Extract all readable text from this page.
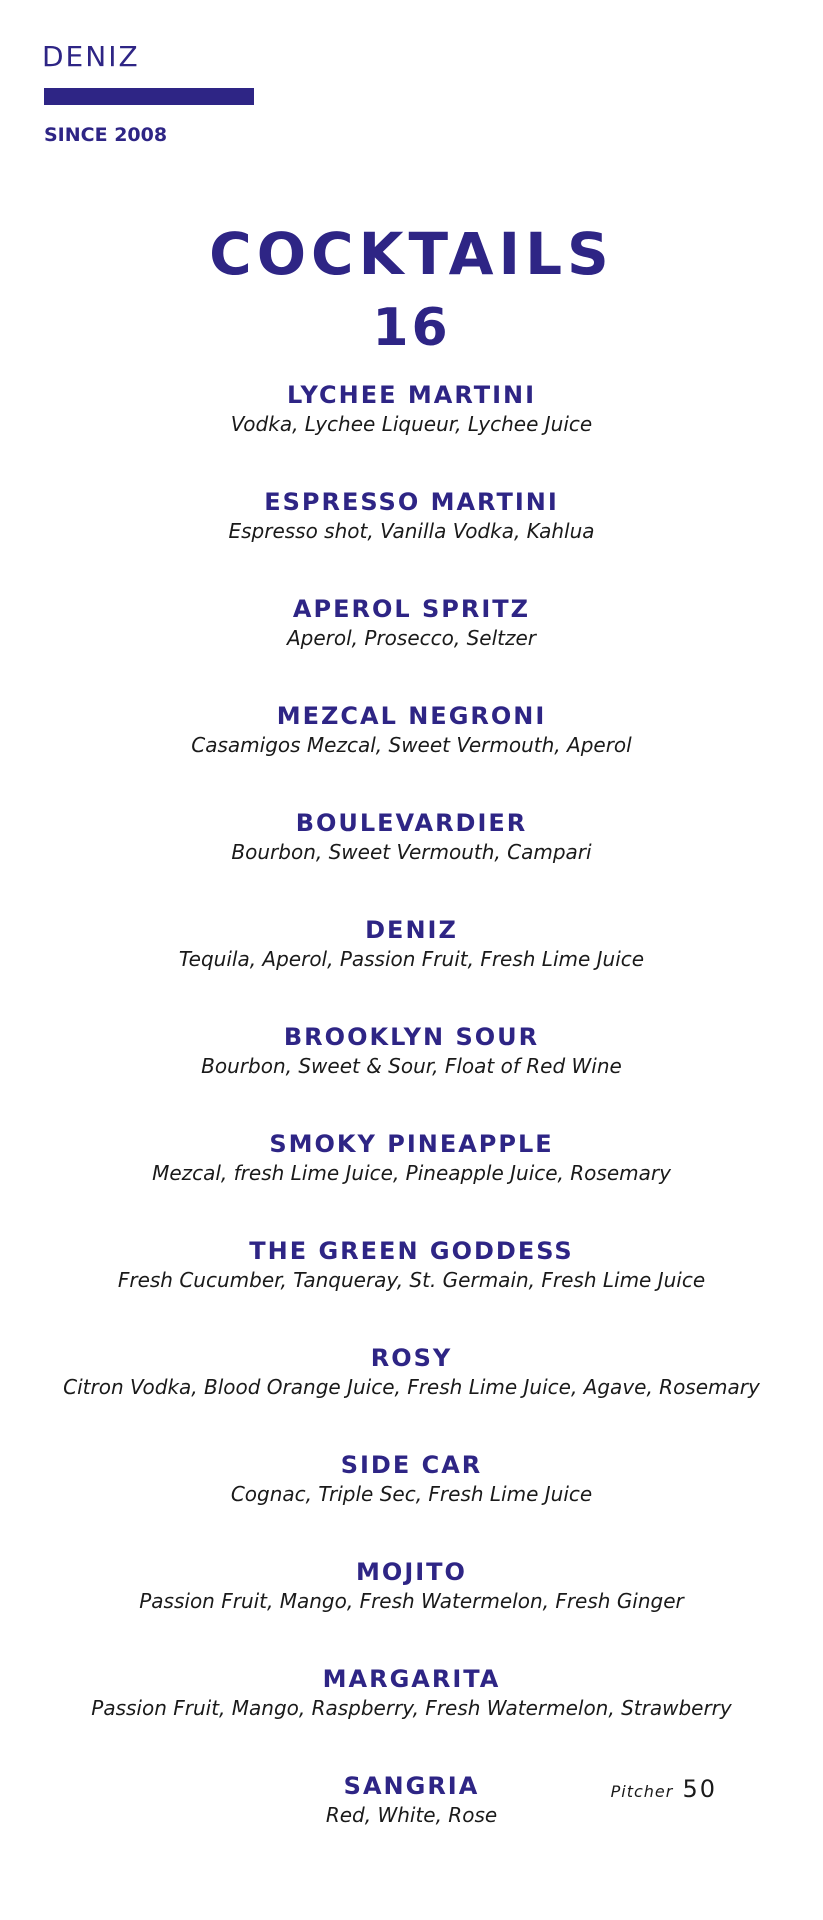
DENIZ
SINCE 2008
COCKTAILS
16
LYCHEE MARTINI
Vodka, Lychee Liqueur, Lychee Juice
ESPRESSO MARTINI
Espresso shot, Vanilla Vodka, Kahlua
APEROL SPRITZ
Aperol, Prosecco, Seltzer
MEZCAL NEGRONI
Casamigos Mezcal, Sweet Vermouth, Aperol
BOULEVARDIER
Bourbon, Sweet Vermouth, Campari
DENIZ
Tequila, Aperol, Passion Fruit, Fresh Lime Juice
BROOKLYN SOUR
Bourbon, Sweet & Sour, Float of Red Wine
SMOKY PINEAPPLE
Mezcal, fresh Lime Juice, Pineapple Juice, Rosemary
THE GREEN GODDESS
Fresh Cucumber, Tanqueray, St. Germain, Fresh Lime Juice
ROSY
Citron Vodka, Blood Orange Juice, Fresh Lime Juice, Agave, Rosemary
SIDE CAR
Cognac, Triple Sec, Fresh Lime Juice
MOJITO
Passion Fruit, Mango, Fresh Watermelon, Fresh Ginger
MARGARITA
Passion Fruit, Mango, Raspberry, Fresh Watermelon, Strawberry
SANGRIA
Red, White, Rose
Pitcher 50
